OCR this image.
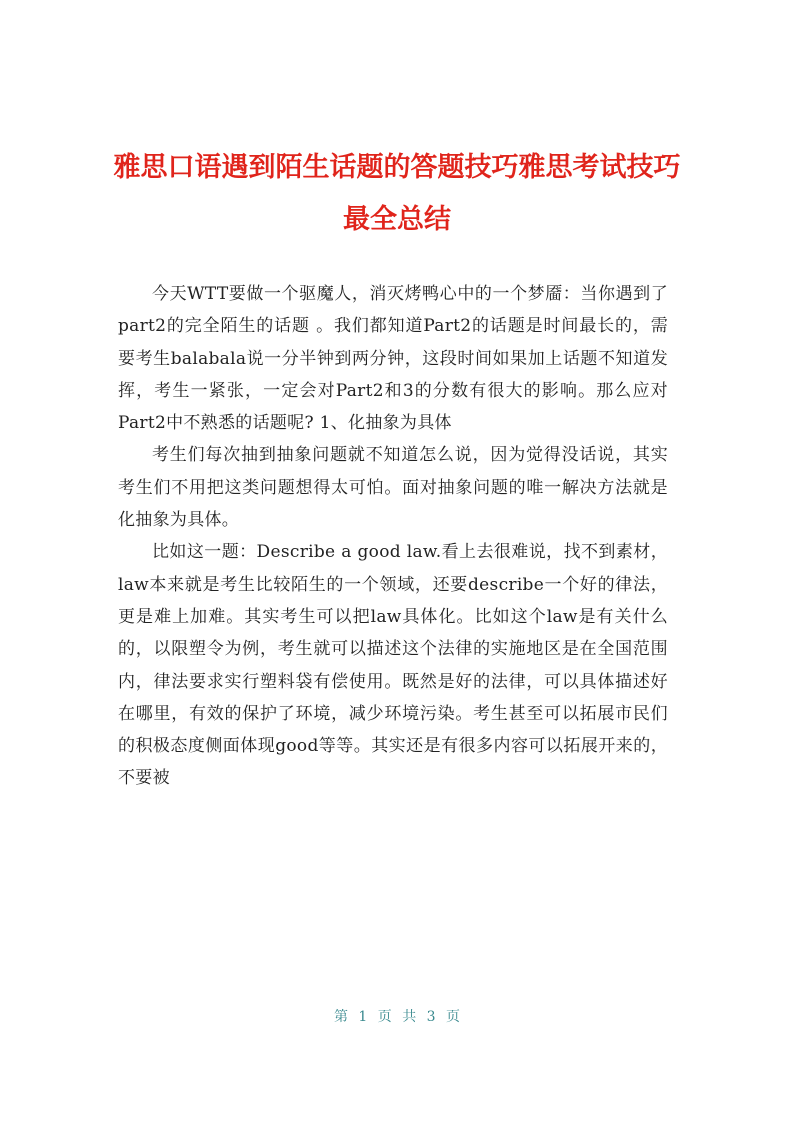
雅思口语遇到陌生话题的答题技巧雅思考试技巧最全总结

今天WTT要做一个驱魔人，消灭烤鸭心中的一个梦靥：当你遇到了part2的完全陌生的话题 。我们都知道Part2的话题是时间最长的，需要考生balabala说一分半钟到两分钟，这段时间如果加上话题不知道发挥，考生一紧张，一定会对Part2和3的分数有很大的影响。那么应对Part2中不熟悉的话题呢? 1、化抽象为具体

考生们每次抽到抽象问题就不知道怎么说，因为觉得没话说，其实考生们不用把这类问题想得太可怕。面对抽象问题的唯一解决方法就是化抽象为具体。

比如这一题：Describe a good law.看上去很难说，找不到素材，law本来就是考生比较陌生的一个领域，还要describe一个好的律法，更是难上加难。其实考生可以把law具体化。比如这个law是有关什么的，以限塑令为例，考生就可以描述这个法律的实施地区是在全国范围内，律法要求实行塑料袋有偿使用。既然是好的法律，可以具体描述好在哪里，有效的保护了环境，减少环境污染。考生甚至可以拓展市民们的积极态度侧面体现good等等。其实还是有很多内容可以拓展开来的，不要被

第 1 页 共 3 页
